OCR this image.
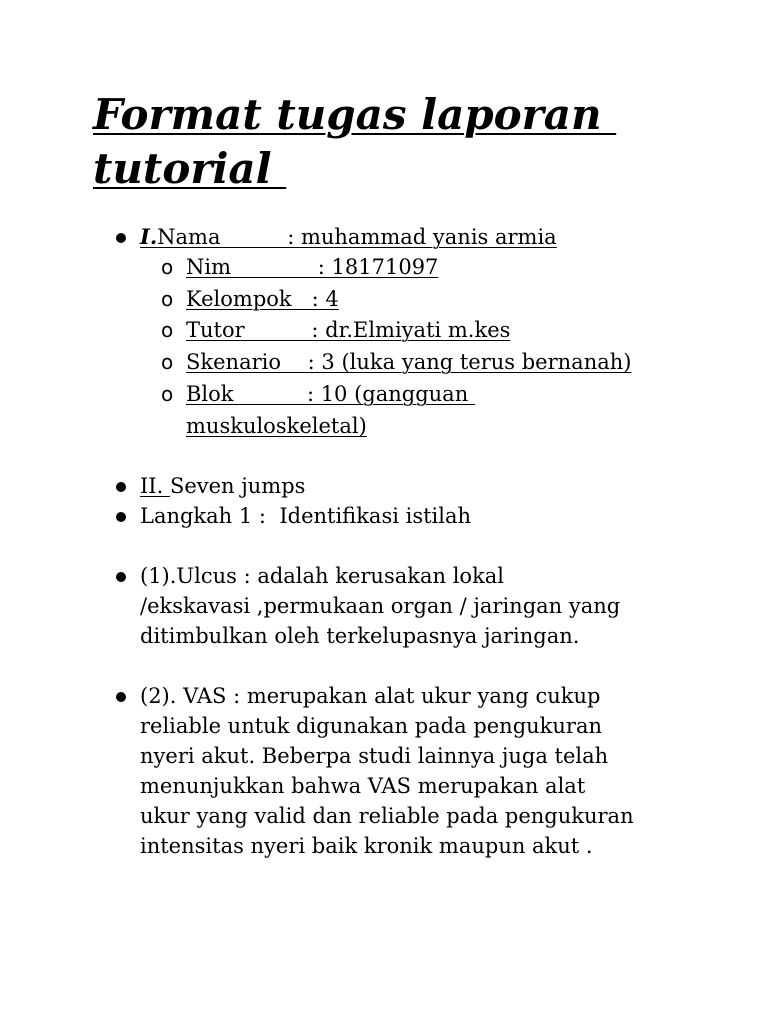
Format tugas laporan
tutorial
I.Nama          : muhammad yanis armia
o Nim             : 18171097
o Kelompok   : 4
o Tutor          : dr.Elmiyati m.kes
o Skenario    : 3 (luka yang terus bernanah)
o Blok           : 10 (gangguan
muskuloskeletal)
II. Seven jumps
Langkah 1 :  Identifikasi istilah

(1).Ulcus : adalah kerusakan lokal
/ekskavasi ,permukaan organ / jaringan yang
ditimbulkan oleh terkelupasnya jaringan.

(2). VAS : merupakan alat ukur yang cukup
reliable untuk digunakan pada pengukuran
nyeri akut. Beberpa studi lainnya juga telah
menunjukkan bahwa VAS merupakan alat
ukur yang valid dan reliable pada pengukuran
intensitas nyeri baik kronik maupun akut .
